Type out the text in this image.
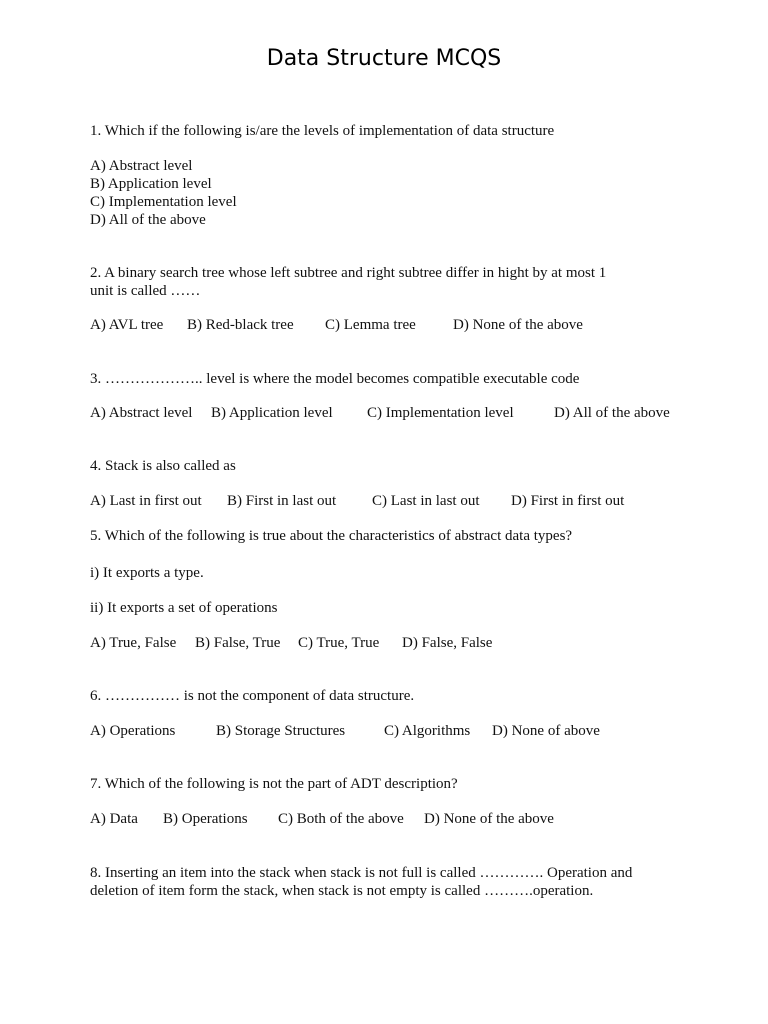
Data Structure MCQS
1. Which if the following is/are the levels of implementation of data structure
A) Abstract level
B) Application level
C) Implementation level
D) All of the above
2. A binary search tree whose left subtree and right subtree differ in hight by at most 1
unit is called ……
A) AVL tree B) Red-black tree C) Lemma tree D) None of the above
3. ……………….. level is where the model becomes compatible executable code
A) Abstract level B) Application level C) Implementation level	D) All of the above
4. Stack is also called as
A) Last in first out B) First in last out C) Last in last out D) First in first out
5. Which of the following is true about the characteristics of abstract data types?
i) It exports a type.
ii) It exports a set of operations
A) True, False B) False, True C) True, True D) False, False
6. …………… is not the component of data structure.
A) Operations	B) Storage Structures	C) Algorithms D) None of above
7. Which of the following is not the part of ADT description?
A) Data B) Operations C) Both of the above D) None of the above
8. Inserting an item into the stack when stack is not full is called …………. Operation and
deletion of item form the stack, when stack is not empty is called ……….operation.
